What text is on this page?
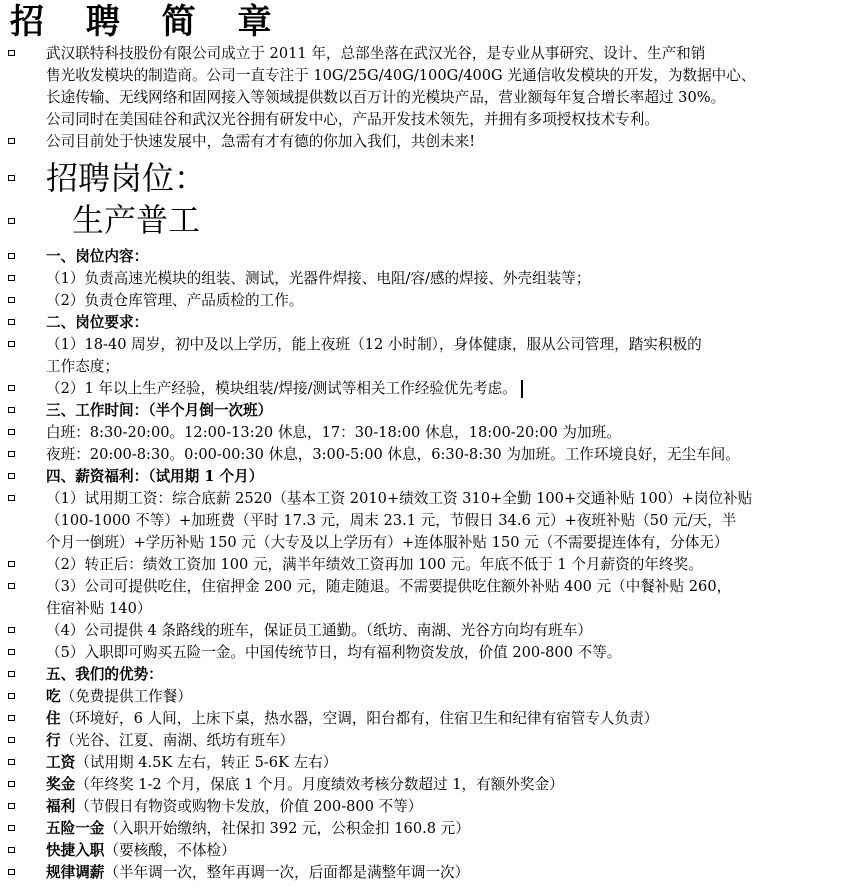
招 聘 简 章
武汉联特科技股份有限公司成立于 2011 年，总部坐落在武汉光谷，是专业从事研究、设计、生产和销
售光收发模块的制造商。公司一直专注于 10G/25G/40G/100G/400G 光通信收发模块的开发，为数据中心、
长途传输、无线网络和固网接入等领域提供数以百万计的光模块产品，营业额每年复合增长率超过 30%。
公司同时在美国硅谷和武汉光谷拥有研发中心，产品开发技术领先，并拥有多项授权技术专利。
公司目前处于快速发展中，急需有才有德的你加入我们，共创未来!
招聘岗位：
生产普工
一、岗位内容：
（1）负责高速光模块的组装、测试，光器件焊接、电阻/容/感的焊接、外壳组装等；
（2）负责仓库管理、产品质检的工作。
二、岗位要求：
（1）18-40 周岁，初中及以上学历，能上夜班（12 小时制），身体健康，服从公司管理，踏实积极的
工作态度；
（2）1 年以上生产经验，模块组装/焊接/测试等相关工作经验优先考虑。
三、工作时间：（半个月倒一次班）
白班：8:30-20:00。12:00-13:20 休息，17：30-18:00 休息，18:00-20:00 为加班。
夜班：20:00-8:30。0:00-00:30 休息，3:00-5:00 休息，6:30-8:30 为加班。工作环境良好，无尘车间。
四、薪资福利：（试用期 1 个月）
（1）试用期工资：综合底薪 2520（基本工资 2010+绩效工资 310+全勤 100+交通补贴 100）+岗位补贴
（100-1000 不等）+加班费（平时 17.3 元，周末 23.1 元，节假日 34.6 元）+夜班补贴（50 元/天，半
个月一倒班）+学历补贴 150 元（大专及以上学历有）+连体服补贴 150 元（不需要提连体有，分体无）
（2）转正后：绩效工资加 100 元，满半年绩效工资再加 100 元。年底不低于 1 个月薪资的年终奖。
（3）公司可提供吃住，住宿押金 200 元，随走随退。不需要提供吃住额外补贴 400 元（中餐补贴 260，
住宿补贴 140）
（4）公司提供 4 条路线的班车，保证员工通勤。（纸坊、南湖、光谷方向均有班车）
（5）入职即可购买五险一金。中国传统节日，均有福利物资发放，价值 200-800 不等。
五、我们的优势：
吃（免费提供工作餐）
住（环境好，6 人间，上床下桌，热水器，空调，阳台都有，住宿卫生和纪律有宿管专人负责）
行（光谷、江夏、南湖、纸坊有班车）
工资（试用期 4.5K 左右，转正 5-6K 左右）
奖金（年终奖 1-2 个月，保底 1 个月。月度绩效考核分数超过 1，有额外奖金）
福利（节假日有物资或购物卡发放，价值 200-800 不等）
五险一金（入职开始缴纳，社保扣 392 元，公积金扣 160.8 元）
快捷入职（要核酸，不体检）
规律调薪（半年调一次，整年再调一次，后面都是满整年调一次）
